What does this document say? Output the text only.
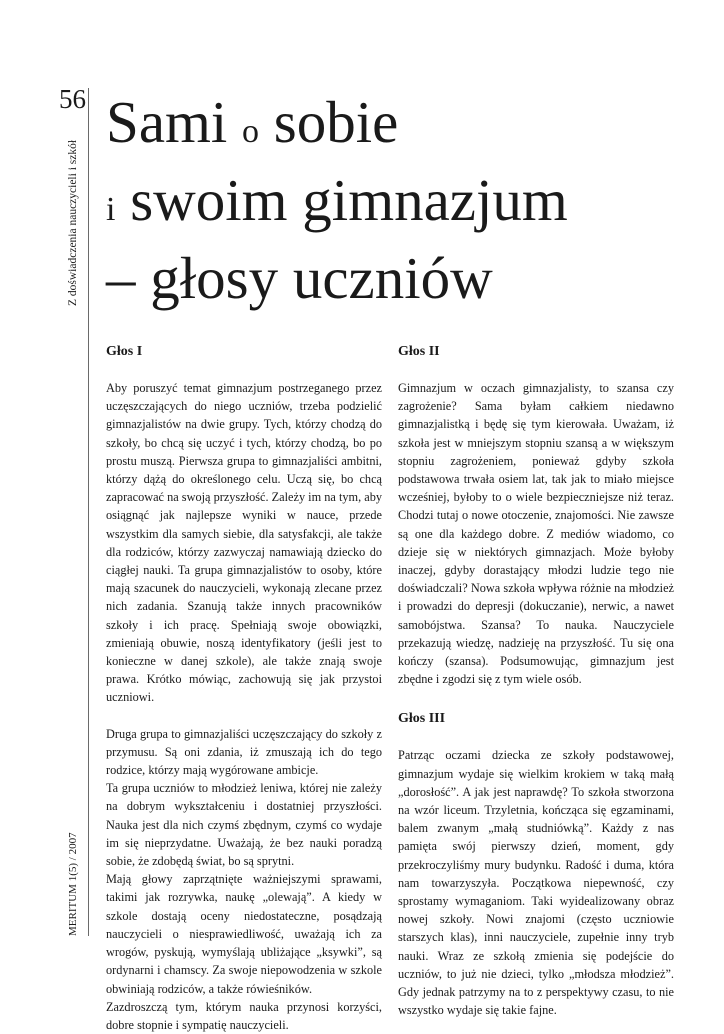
56
Z doświadczenia nauczycieli i szkół
MERITUM 1(5) / 2007
Sami o sobie
i swoim gimnazjum
– głosy uczniów
Głos I

Aby poruszyć temat gimnazjum postrzeganego przez uczęszczających do niego uczniów, trzeba podzielić gimnazjalistów na dwie grupy. Tych, którzy chodzą do szkoły, bo chcą się uczyć i tych, którzy chodzą, bo po prostu muszą. Pierwsza grupa to gimnazjaliści ambitni, którzy dążą do określonego celu. Uczą się, bo chcą zapracować na swoją przyszłość. Zależy im na tym, aby osiągnąć jak najlepsze wyniki w nauce, przede wszystkim dla samych siebie, dla satysfakcji, ale także dla rodziców, którzy zazwyczaj namawiają dziecko do ciągłej nauki. Ta grupa gimnazjalistów to osoby, które mają szacunek do nauczycieli, wykonają zlecane przez nich zadania. Szanują także innych pracowników szkoły i ich pracę. Spełniają swoje obowiązki, zmieniają obuwie, noszą identyfikatory (jeśli jest to konieczne w danej szkole), ale także znają swoje prawa. Krótko mówiąc, zachowują się jak przystoi uczniowi.

Druga grupa to gimnazjaliści uczęszczający do szkoły z przymusu. Są oni zdania, iż zmuszają ich do tego rodzice, którzy mają wygórowane ambicje.

Ta grupa uczniów to młodzież leniwa, której nie zależy na dobrym wykształceniu i dostatniej przyszłości. Nauka jest dla nich czymś zbędnym, czymś co wydaje im się nieprzydatne. Uważają, że bez nauki poradzą sobie, że zdobędą świat, bo są sprytni.

Mają głowy zaprzątnięte ważniejszymi sprawami, takimi jak rozrywka, naukę „olewają”. A kiedy w szkole dostają oceny niedostateczne, posądzają nauczycieli o niesprawiedliwość, uważają ich za wrogów, pyskują, wymyślają ubliżające „ksywki”, są ordynarni i chamscy. Za swoje niepowodzenia w szkole obwiniają rodziców, a także rówieśników.

Zazdroszczą tym, którym nauka przynosi korzyści, dobre stopnie i sympatię nauczycieli.

Głos II

Gimnazjum w oczach gimnazjalisty, to szansa czy zagrożenie? Sama byłam całkiem niedawno gimnazjalistką i będę się tym kierowała. Uważam, iż szkoła jest w mniejszym stopniu szansą a w większym stopniu zagrożeniem, ponieważ gdyby szkoła podstawowa trwała osiem lat, tak jak to miało miejsce wcześniej, byłoby to o wiele bezpieczniejsze niż teraz. Chodzi tutaj o nowe otoczenie, znajomości. Nie zawsze są one dla każdego dobre. Z mediów wiadomo, co dzieje się w niektórych gimnazjach. Może byłoby inaczej, gdyby dorastający młodzi ludzie tego nie doświadczali? Nowa szkoła wpływa różnie na młodzież i prowadzi do depresji (dokuczanie), nerwic, a nawet samobójstwa. Szansa? To nauka. Nauczyciele przekazują wiedzę, nadzieję na przyszłość. Tu się ona kończy (szansa). Podsumowując, gimnazjum jest zbędne i zgodzi się z tym wiele osób.

Głos III

Patrząc oczami dziecka ze szkoły podstawowej, gimnazjum wydaje się wielkim krokiem w taką małą „dorosłość”. A jak jest naprawdę? To szkoła stworzona na wzór liceum. Trzyletnia, kończąca się egzaminami, balem zwanym „małą studniówką”. Każdy z nas pamięta swój pierwszy dzień, moment, gdy przekroczyliśmy mury budynku. Radość i duma, która nam towarzyszyła. Początkowa niepewność, czy sprostamy wymaganiom. Taki wyidealizowany obraz nowej szkoły. Nowi znajomi (często uczniowie starszych klas), inni nauczyciele, zupełnie inny tryb nauki. Wraz ze szkołą zmienia się podejście do uczniów, to już nie dzieci, tylko „młodsza młodzież”. Gdy jednak patrzymy na to z perspektywy czasu, to nie wszystko wydaje się takie fajne.
